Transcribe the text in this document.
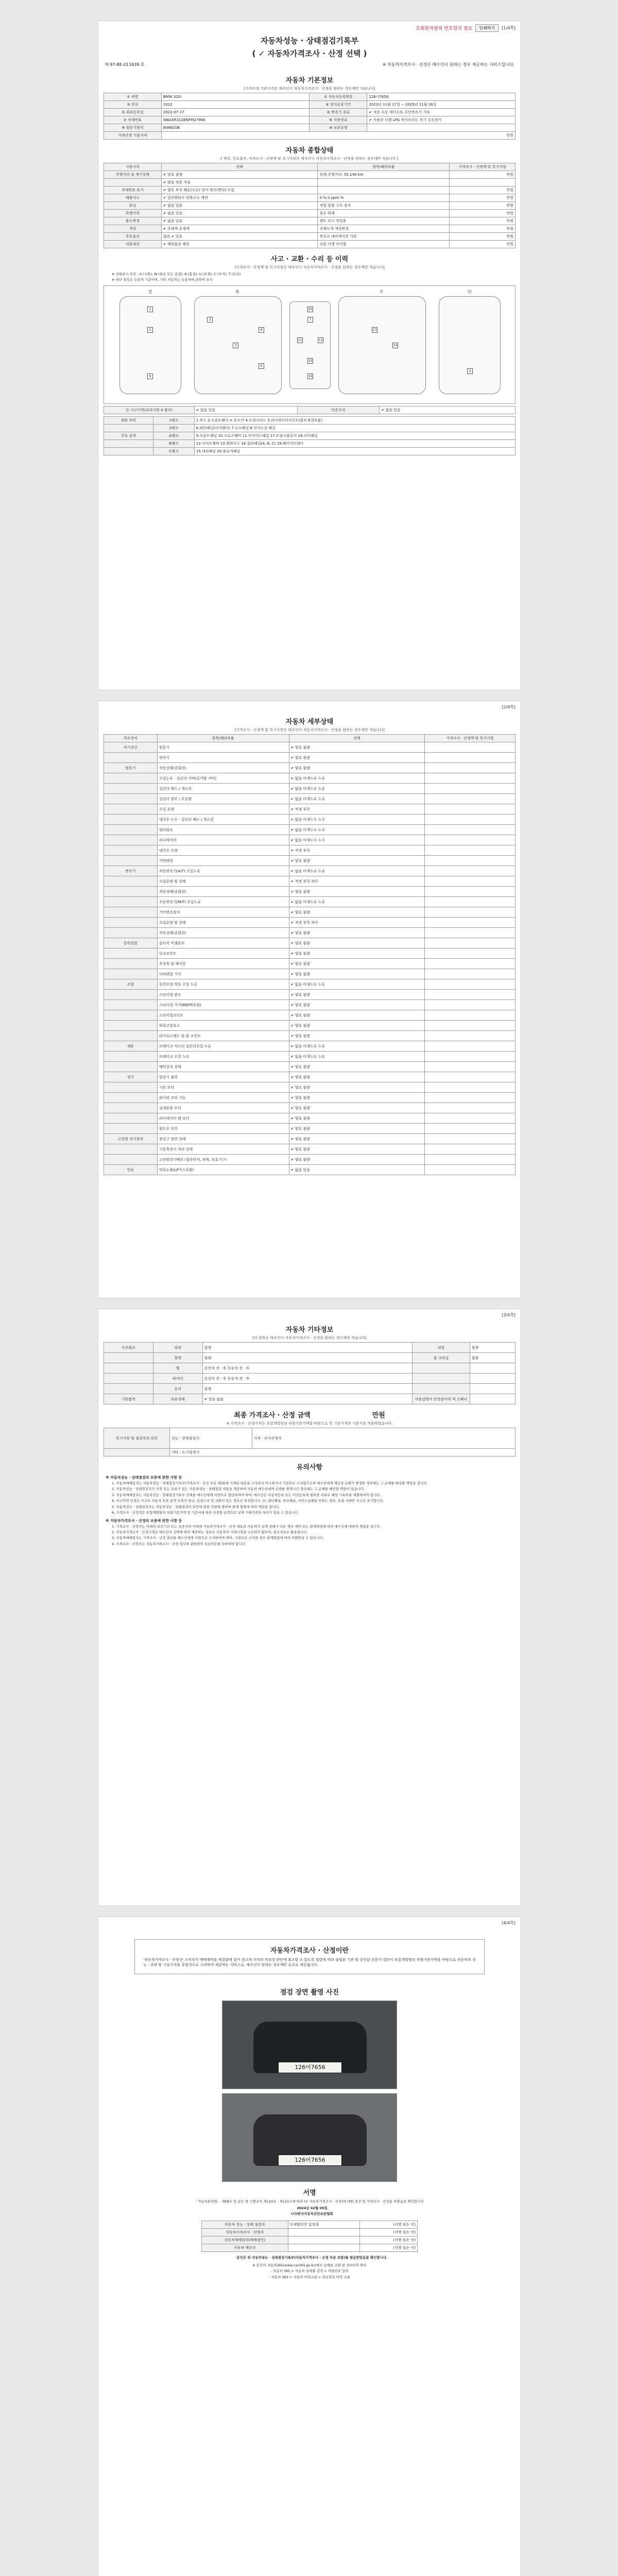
조회된차량의 번호일치 필요	인쇄하기	[1/4쪽]
자동차성능 · 상태점검기록부
( ✓ 자동차가격조사 · 산정 선택 )
제 97-BE-013439 호	※ 자동차가격조사 · 산정은 매수인이 원하는 경우 제공하는 서비스입니다.
자동차 기본정보
[가격산정 기준가격은 매수인이 자동차가격조사 · 산정을 원하는 경우에만 적습니다]
① 차명	BMW 320i	② 자동차등록번호	126어7656
③ 연식	2022	④ 검사유효기간	2023년 11월 17일 ~ 2025년 11월 16일
⑤ 최초등록일	2022-07-17	⑥ 변속기 종류	✔ 자동 수동 세미오토 무단변속기 기타
⑦ 차대번호	WBA5R1C08NFM27966	⑧ 사용연료	✔ 가솔린 디젤 LPG 하이브리드 전기 수소전기
⑨ 원동기형식	B48B20B	⑩ 보증유형	
가격산정 기준가격	만원		
자동차 종합상태
[ 색상, 주요옵션, 가격조사 · 산정액 및 특기사항은 매수인이 자동차가격조사 · 산정을 원하는 경우에만 적습니다 ]
사용이력	상태	항목/해당부품	가격조사 · 산정액 및 특기사항
주행거리 및 계기상태	✔ 양호 불량	현재 주행거리: 55,148 km	만원
	✔ 많음 보통 적음		
차대번호 표기	✔ 양호 부식 훼손(오손) 상이 변조(변타) 도말		만원
배출가스	✔ 일산화탄소 탄화수소 매연	0 % 0 ppm %	만원
튜닝	✔ 없음 있음	적법 불법 구조 장치	만원
특별이력	✔ 없음 있음	침수 화재	만원
용도변경	✔ 없음 있음	렌트 리스 영업용	만원
색상	✔ 무채색 유채색	전체도색 색상변경	만원
주요옵션	없음 ✔ 있음	썬루프 내비게이션 기타	만원
리콜대상	✔ 해당없음 해당	리콜 이행 미이행	만원
사고 · 교환 · 수리 등 이력
[가격조사 · 산정액 및 특기사항은 매수인이 자동차가격조사 · 산정을 원하는 경우에만 적습니다]
※ 상태표시 부호 : X (교환), W (판금 또는 용접), A (흠집), U (요철), C (부식), T (손상)
※ 하단 항목은 승용차 기준이며, 기타 자동차는 승용차에 준하여 표시
앞	뒤
좌	우
1
2
3
4
5
6
7
8
9
10
11	12
13
14
15
16
⑪ 사고이력(유의사항 4 참조)	✔ 없음 있음	단순수리	✔ 없음 있음
외판 부위	1랭크	1.후드 2.프론트펜더 ✔ 3.도어 4.트렁크리드 5.라디에이터서포트(볼트체결부품)
	2랭크	6.쿼터패널(리어펜더) 7.루프패널 8.사이드실 패널
주요 골격	A랭크	9.프론트패널 10.크로스멤버 11.인사이드패널 17.트렁크플로어 18.리어패널
	B랭크	12.사이드멤버 13.휠하우스 14.필러패널(A, B, C) 19.패키지트레이
	C랭크	15.대쉬패널 16.플로어패널
[2/4쪽]
자동차 세부상태
[가격조사 · 산정액 및 특기사항은 매수인이 자동차가격조사 · 산정을 원하는 경우에만 적습니다]
주요장치	항목/해당부품	상태	가격조사 · 산정액 및 특기사항
자기진단	원동기	✔ 양호 불량	
	변속기	✔ 양호 불량	
원동기	작동상태(공회전)	✔ 양호 불량	
	오일누유 · 실린더 커버(로커암 커버)	✔ 없음 미세누유 누유	
	실린더 헤드 / 개스킷	✔ 없음 미세누유 누유	
	실린더 블록 / 오일팬	✔ 없음 미세누유 누유	
	오일 유량	✔ 적정 부족	
	냉각수 누수 · 실린더 헤드 / 개스킷	✔ 없음 미세누수 누수	
	워터펌프	✔ 없음 미세누수 누수	
	라디에이터	✔ 없음 미세누수 누수	
	냉각수 수량	✔ 적정 부족	
	커먼레일	✔ 양호 불량	
변속기	자동변속기(A/T) 오일누유	✔ 없음 미세누유 누유	
	오일유량 및 상태	✔ 적정 부족 과다	
	작동상태(공회전)	✔ 양호 불량	
	수동변속기(M/T) 오일누유	✔ 없음 미세누유 누유	
	기어변속장치	✔ 양호 불량	
	오일유량 및 상태	✔ 적정 부족 과다	
	작동상태(공회전)	✔ 양호 불량	
동력전달	클러치 어셈블리	✔ 양호 불량	
	등속조인트	✔ 양호 불량	
	추진축 및 베어링	✔ 양호 불량	
	디퍼렌셜 기어	✔ 양호 불량	
조향	동력조향 작동 오일 누유	✔ 없음 미세누유 누유	
	스티어링 펌프	✔ 양호 불량	
	스티어링 기어(MDPS포함)	✔ 양호 불량	
	스티어링조인트	✔ 양호 불량	
	파워고압호스	✔ 양호 불량	
	타이로드엔드 및 볼 조인트	✔ 양호 불량	
제동	브레이크 마스터 실린더오일 누유	✔ 없음 미세누유 누유	
	브레이크 오일 누유	✔ 없음 미세누유 누유	
	배력장치 상태	✔ 양호 불량	
전기	발전기 출력	✔ 양호 불량	
	시동 모터	✔ 양호 불량	
	와이퍼 모터 기능	✔ 양호 불량	
	실내송풍 모터	✔ 양호 불량	
	라디에이터 팬 모터	✔ 양호 불량	
	윈도우 모터	✔ 양호 불량	
고전원 전기장치	충전구 절연 상태	✔ 양호 불량	
	구동축전지 격리 상태	✔ 양호 불량	
	고전원전기배선 (접속단자, 피복, 보호기구)	✔ 양호 불량	
연료	연료누출(LP가스포함)	✔ 없음 있음	
[3/4쪽]
자동차 기타정보
[이 항목은 매수인이 자동차가격조사 · 산정을 원하는 경우에만 적습니다]
수리필요	외장	불량	내장	불량
	광택	불량	룸 크리닝	불량
	휠	운전석 전 · 후 동승석 전 · 후		
	타이어	운전석 전 · 후 동승석 전 · 후		
	유리	불량		
기본품목	보유상태	✔ 있음 없음	사용설명서 안전삼각대 잭 스패너	
최종 가격조사 · 산정 금액	만원
※ 가격조사 · 산정가격은 보험개발원의 차량기준가액을 바탕으로 한 기준가격과 기준서를 적용하였습니다.
특기사항 및 점검자의 의견	성능 · 상태점검자	가격 · 조사산정자
	기타 : 도시감정사	
유의사항
※ 자동차성능 · 상태점검의 보증에 관한 사항 등
1. 자동차매매업자는 자동차성능 · 상태점검기록부(가격조사 · 산정 부분 제외)에 기재된 내용을 고지하지 아니하거나 거짓으로 고지함으로써 매수인에게 재산상 손해가 발생한 경우에는 그 손해를 배상할 책임을 집니다.
2. 자동차성능 · 상태점검자가 거짓 또는 오류가 있는 자동차성능 · 상태점검 내용을 제공하여 자동차 매수인에게 손해를 발생시킨 경우에는 그 손해를 배상할 책임이 있습니다.
3. 자동차매매업자는 자동차성능 · 상태점검기록부 전체를 매수인에게 서면으로 발급하여야 하며, 매수인은 자동차등록 또는 이전등록에 필요한 서류로 해당 기록부를 제출하여야 합니다.
4. 사고이력 인정은 사고로 자동차 주요 골격 부위의 판금, 용접수리 및 교환이 있는 경우로 한정합니다. 단, 쿼터패널, 루프패널, 사이드실패널 부위는 절단, 용접 시에만 사고로 표기합니다.
5. 자동차성능 · 상태점검자는 자동차성능 · 상태점검의 보증에 관한 사항에 관하여 관계 법령에 따라 책임을 집니다.
6. 가격조사 · 산정액은 보험개발원의 차량기준가액 및 기준서에 따라 산정한 금액으로 실제 거래가격과 차이가 있을 수 있습니다.
※ 자동차가격조사 · 산정의 보증에 관한 사항 등
1. 가격조사 · 산정자는 아래의 보증기간 또는 보증거리 이내에 자동차가격조사 · 산정 내용과 자동차의 실제 상태가 다른 경우 계약 또는 관계법령에 따라 매수인에 대하여 책임을 집니다.
2. 자동차가격조사 · 산정가격은 매수인의 선택에 따라 제공하는 정보로 자동차의 거래가격을 구속하지 않으며, 참고자료로 활용됩니다.
3. 자동차매매업자는 가격조사 · 산정 결과를 매수인에게 서면으로 고지하여야 하며, 거짓으로 고지한 경우 관계법령에 따라 처벌받을 수 있습니다.
4. 가격조사 · 산정자는 자동차가격조사 · 산정 업무와 관련하여 성실의무를 다하여야 합니다.
[4/4쪽]
자동차가격조사 · 산정이란
'자동차가격조사 · 산정'은 소비자가 매매계약을 체결함에 있어 중고차 가격의 적정성 판단에 참고할 수 있도록 법령에 따라 설립된 기관 및 공인된 전문가 집단이 보험개발원의 차량기준가액을 바탕으로 자동차의 성능 · 상태 및 시장가격을 종합적으로 고려하여 제공하는 서비스로, 매수인이 원하는 경우에만 유료로 제공됩니다.
점검 장면 촬영 사진
126어7656
126어7656
서명
「자동차관리법」 제58조 및 같은 법 시행규칙 제120조 · 제121조에 따라 (✔ 자동차가격조사 · 산정)에 대한 점검 및 가격조사 · 산정을 하였음을 확인합니다.
2024년 02월 05일
(사)한국자동차진단보증협회
자동차 성능 · 상태 점검자	모제범인천 입정점	(서명 또는 인)
자동차가격조사 · 산정자		(서명 또는 인)
자동차매매업자(매매점인)		(서명 또는 인)
자동차 매수인		(서명 또는 인)
본인은 위 자동차성능 · 상태점검기록부(자동차가격조사 · 산정 부분 포함)를 발급받았음을 확인합니다.
※ 본인의 자동차365(www.car365.go.kr)에서 실매물 조회 및 정비이력 확인
- 자동차 365 > 자동차 실매물 검색 > 차량번호 입력
- 자동차 365 > 자동차 이력조회 > 성능점검 이력 조회
